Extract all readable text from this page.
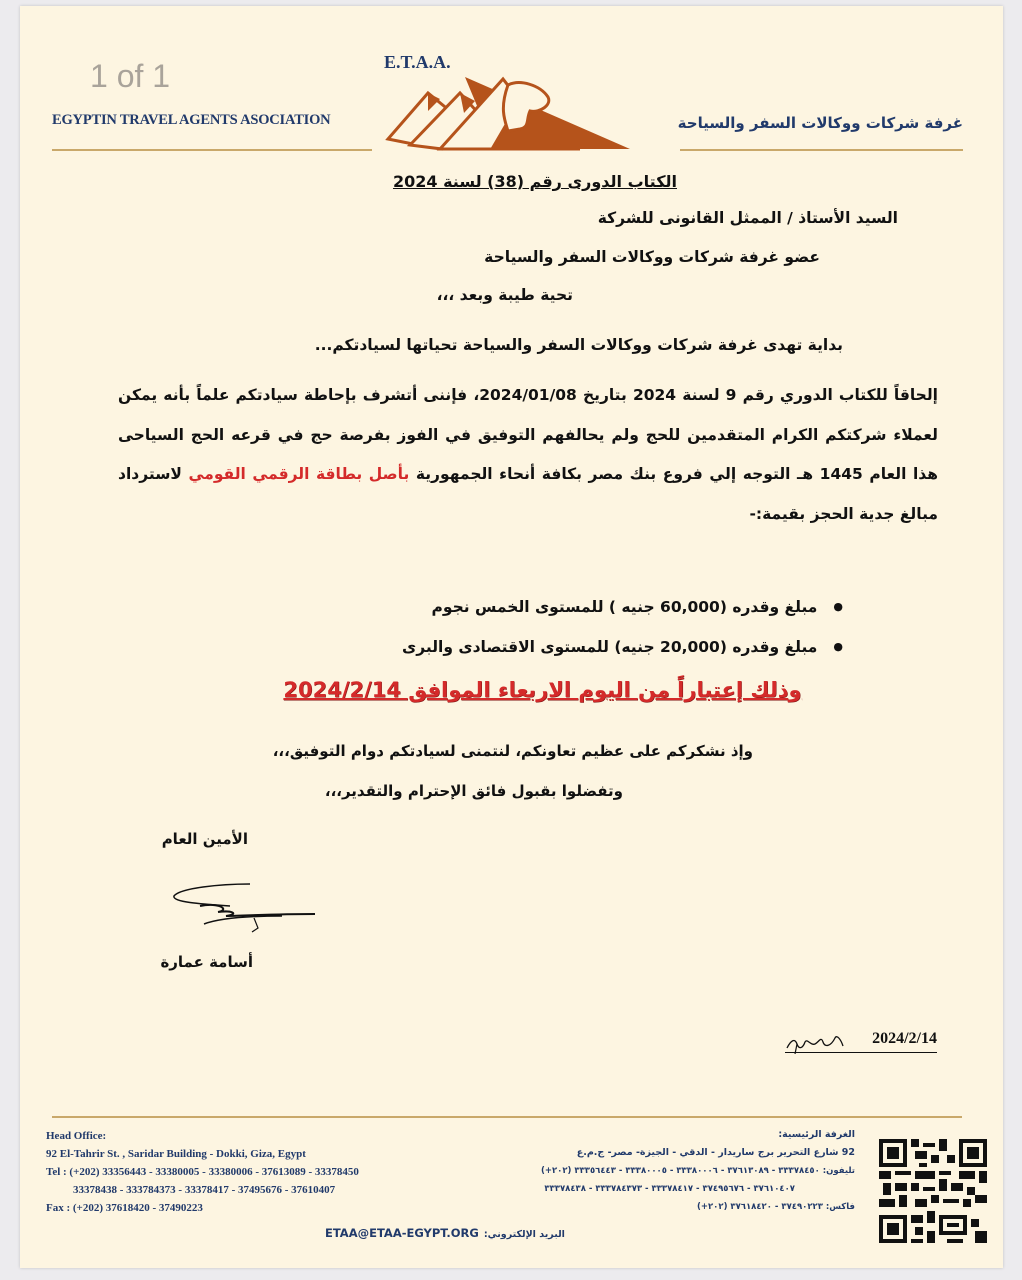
1 of 1
EGYPTIN TRAVEL AGENTS ASOCIATION
E.T.A.A.
غرفة شركات ووكالات السفر والسياحة
الكتاب الدورى رقم (38) لسنة 2024
السيد الأستاذ / الممثل القانونى للشركة
عضو غرفة شركات ووكالات السفر والسياحة
تحية طيبة وبعد ،،،
بداية تهدى غرفة شركات ووكالات السفر والسياحة تحياتها لسيادتكم...
إلحاقاً للكتاب الدوري رقم 9 لسنة 2024 بتاريخ 2024/01/08، فإننى أتشرف بإحاطة سيادتكم علماً بأنه يمكن لعملاء شركتكم الكرام المتقدمين للحج ولم يحالفهم التوفيق في الفوز بفرصة حج في قرعه الحج السياحى هذا العام 1445 هـ التوجه إلي فروع بنك مصر بكافة أنحاء الجمهورية بأصل بطاقة الرقمي القومي لاسترداد مبالغ جدية الحجز بقيمة:-
● مبلغ وقدره (60,000 جنيه ) للمستوى الخمس نجوم
● مبلغ وقدره (20,000 جنيه) للمستوى الاقتصادى والبرى
وذلك إعتباراً من اليوم الاربعاء الموافق 2024/2/14
وإذ نشكركم على عظيم تعاونكم، لنتمنى لسيادتكم دوام التوفيق،،،
وتفضلوا بقبول فائق الإحترام والتقدير،،،
الأمين العام
أسامة عمارة
2024/2/14
Head Office:
92 El-Tahrir St. , Saridar Building - Dokki, Giza, Egypt
Tel : (+202) 33356443 - 33380005 - 33380006 - 37613089 - 33378450
33378438 - 333784373 - 33378417 - 37495676 - 37610407
Fax : (+202) 37618420 - 37490223
الغرفة الرئيسية:
92 شارع التحرير برج ساريدار - الدقي - الجيزة- مصر- ج.م.ع
تليفون: ٣٣٣٧٨٤٥٠ - ٣٧٦١٣٠٨٩ - ٣٣٣٨٠٠٠٦ - ٣٣٣٨٠٠٠٥ - ٣٣٣٥٦٤٤٣ (٢٠٢+)
٣٧٦١٠٤٠٧ - ٣٧٤٩٥٦٧٦ - ٣٣٣٧٨٤١٧ - ٣٣٣٧٨٤٣٧٣ - ٣٣٣٧٨٤٣٨
فاكس: ٣٧٤٩٠٢٢٣ - ٣٧٦١٨٤٢٠ (٢٠٢+)
البريد الإلكتروني:ETAA@ETAA-EGYPT.ORG
